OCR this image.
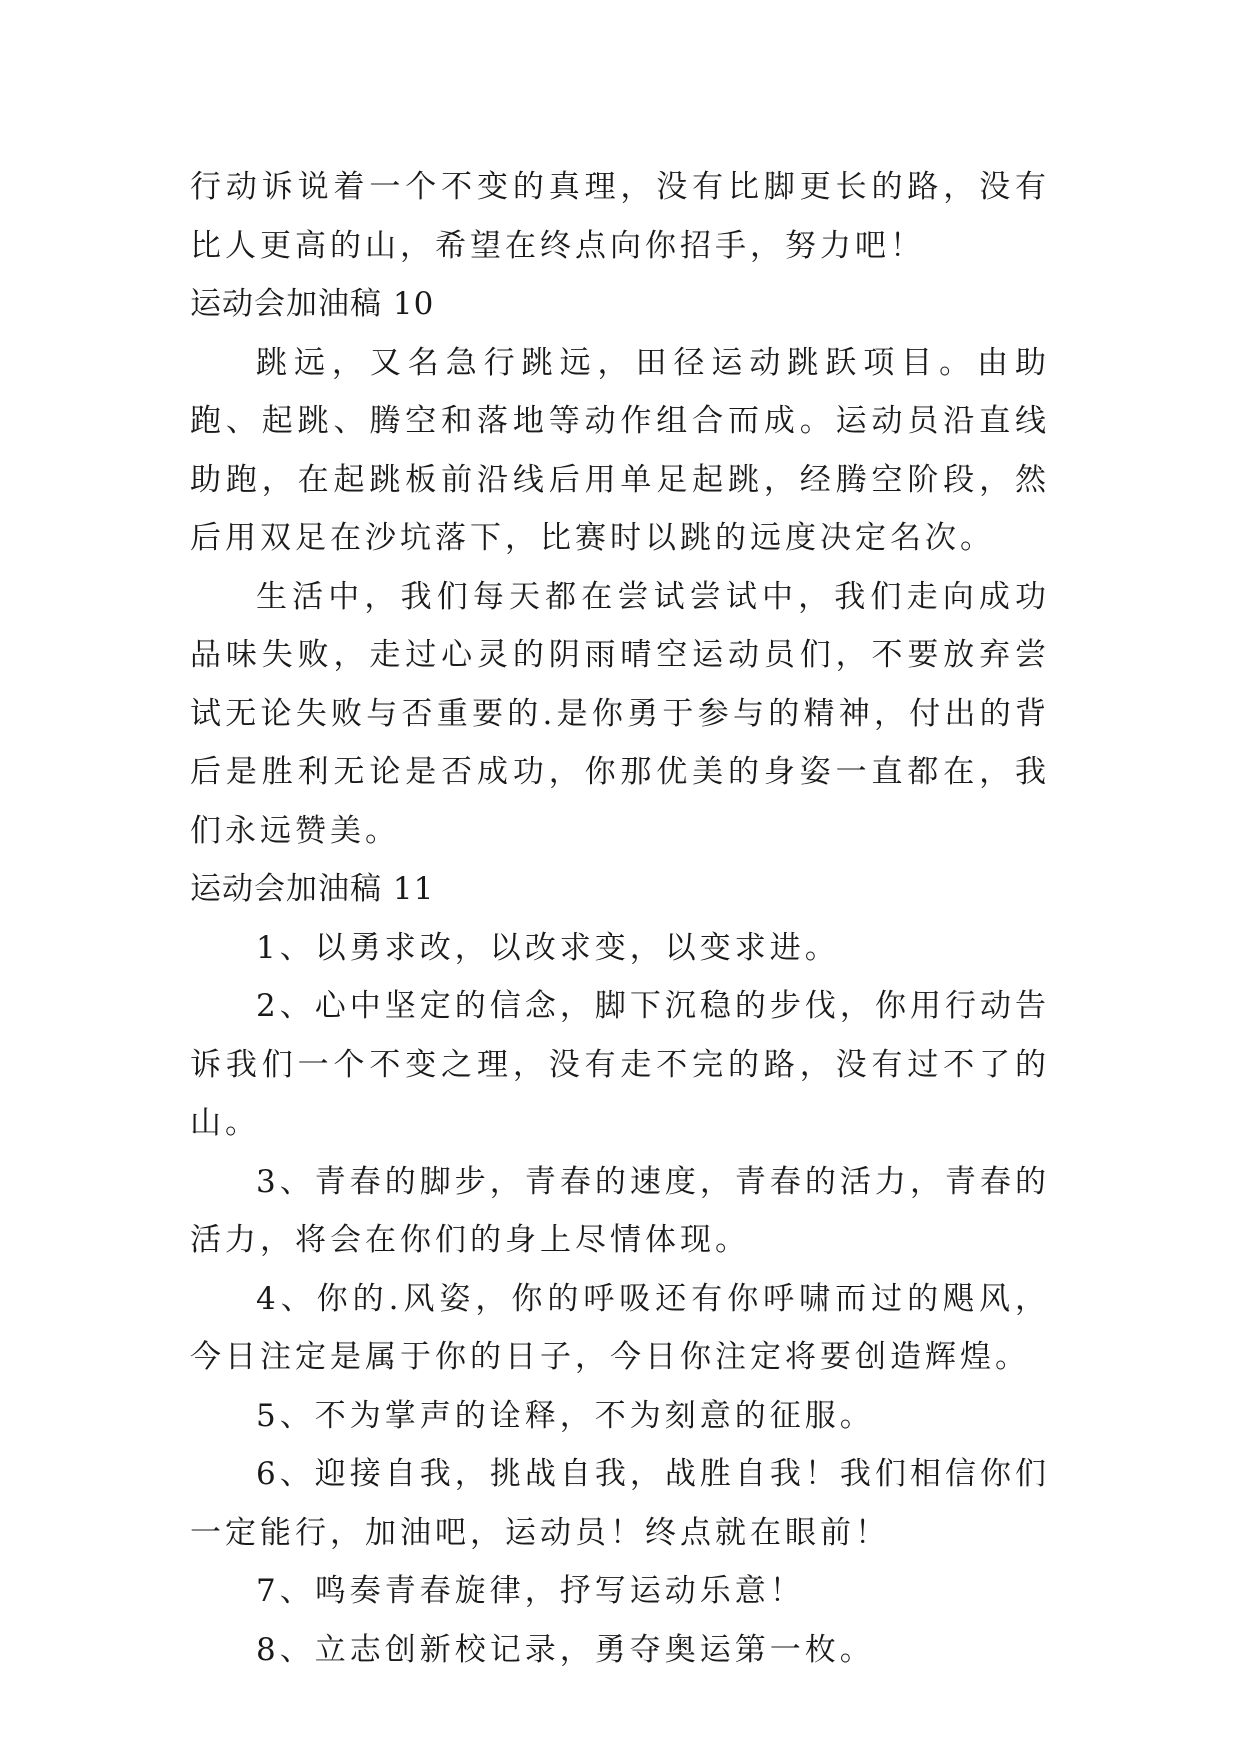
行动诉说着一个不变的真理，没有比脚更长的路，没有比人更高的山，希望在终点向你招手，努力吧！

运动会加油稿 10

跳远，又名急行跳远，田径运动跳跃项目。由助跑、起跳、腾空和落地等动作组合而成。运动员沿直线助跑，在起跳板前沿线后用单足起跳，经腾空阶段，然后用双足在沙坑落下，比赛时以跳的远度决定名次。

生活中，我们每天都在尝试尝试中，我们走向成功品味失败，走过心灵的阴雨晴空运动员们，不要放弃尝试无论失败与否重要的.是你勇于参与的精神，付出的背后是胜利无论是否成功，你那优美的身姿一直都在，我们永远赞美。

运动会加油稿 11

1、以勇求改，以改求变，以变求进。

2、心中坚定的信念，脚下沉稳的步伐，你用行动告诉我们一个不变之理，没有走不完的路，没有过不了的山。

3、青春的脚步，青春的速度，青春的活力，青春的活力，将会在你们的身上尽情体现。

4、你的.风姿，你的呼吸还有你呼啸而过的飓风，今日注定是属于你的日子，今日你注定将要创造辉煌。

5、不为掌声的诠释，不为刻意的征服。

6、迎接自我，挑战自我，战胜自我！我们相信你们一定能行，加油吧，运动员！终点就在眼前！

7、鸣奏青春旋律，抒写运动乐意！

8、立志创新校记录，勇夺奥运第一枚。
